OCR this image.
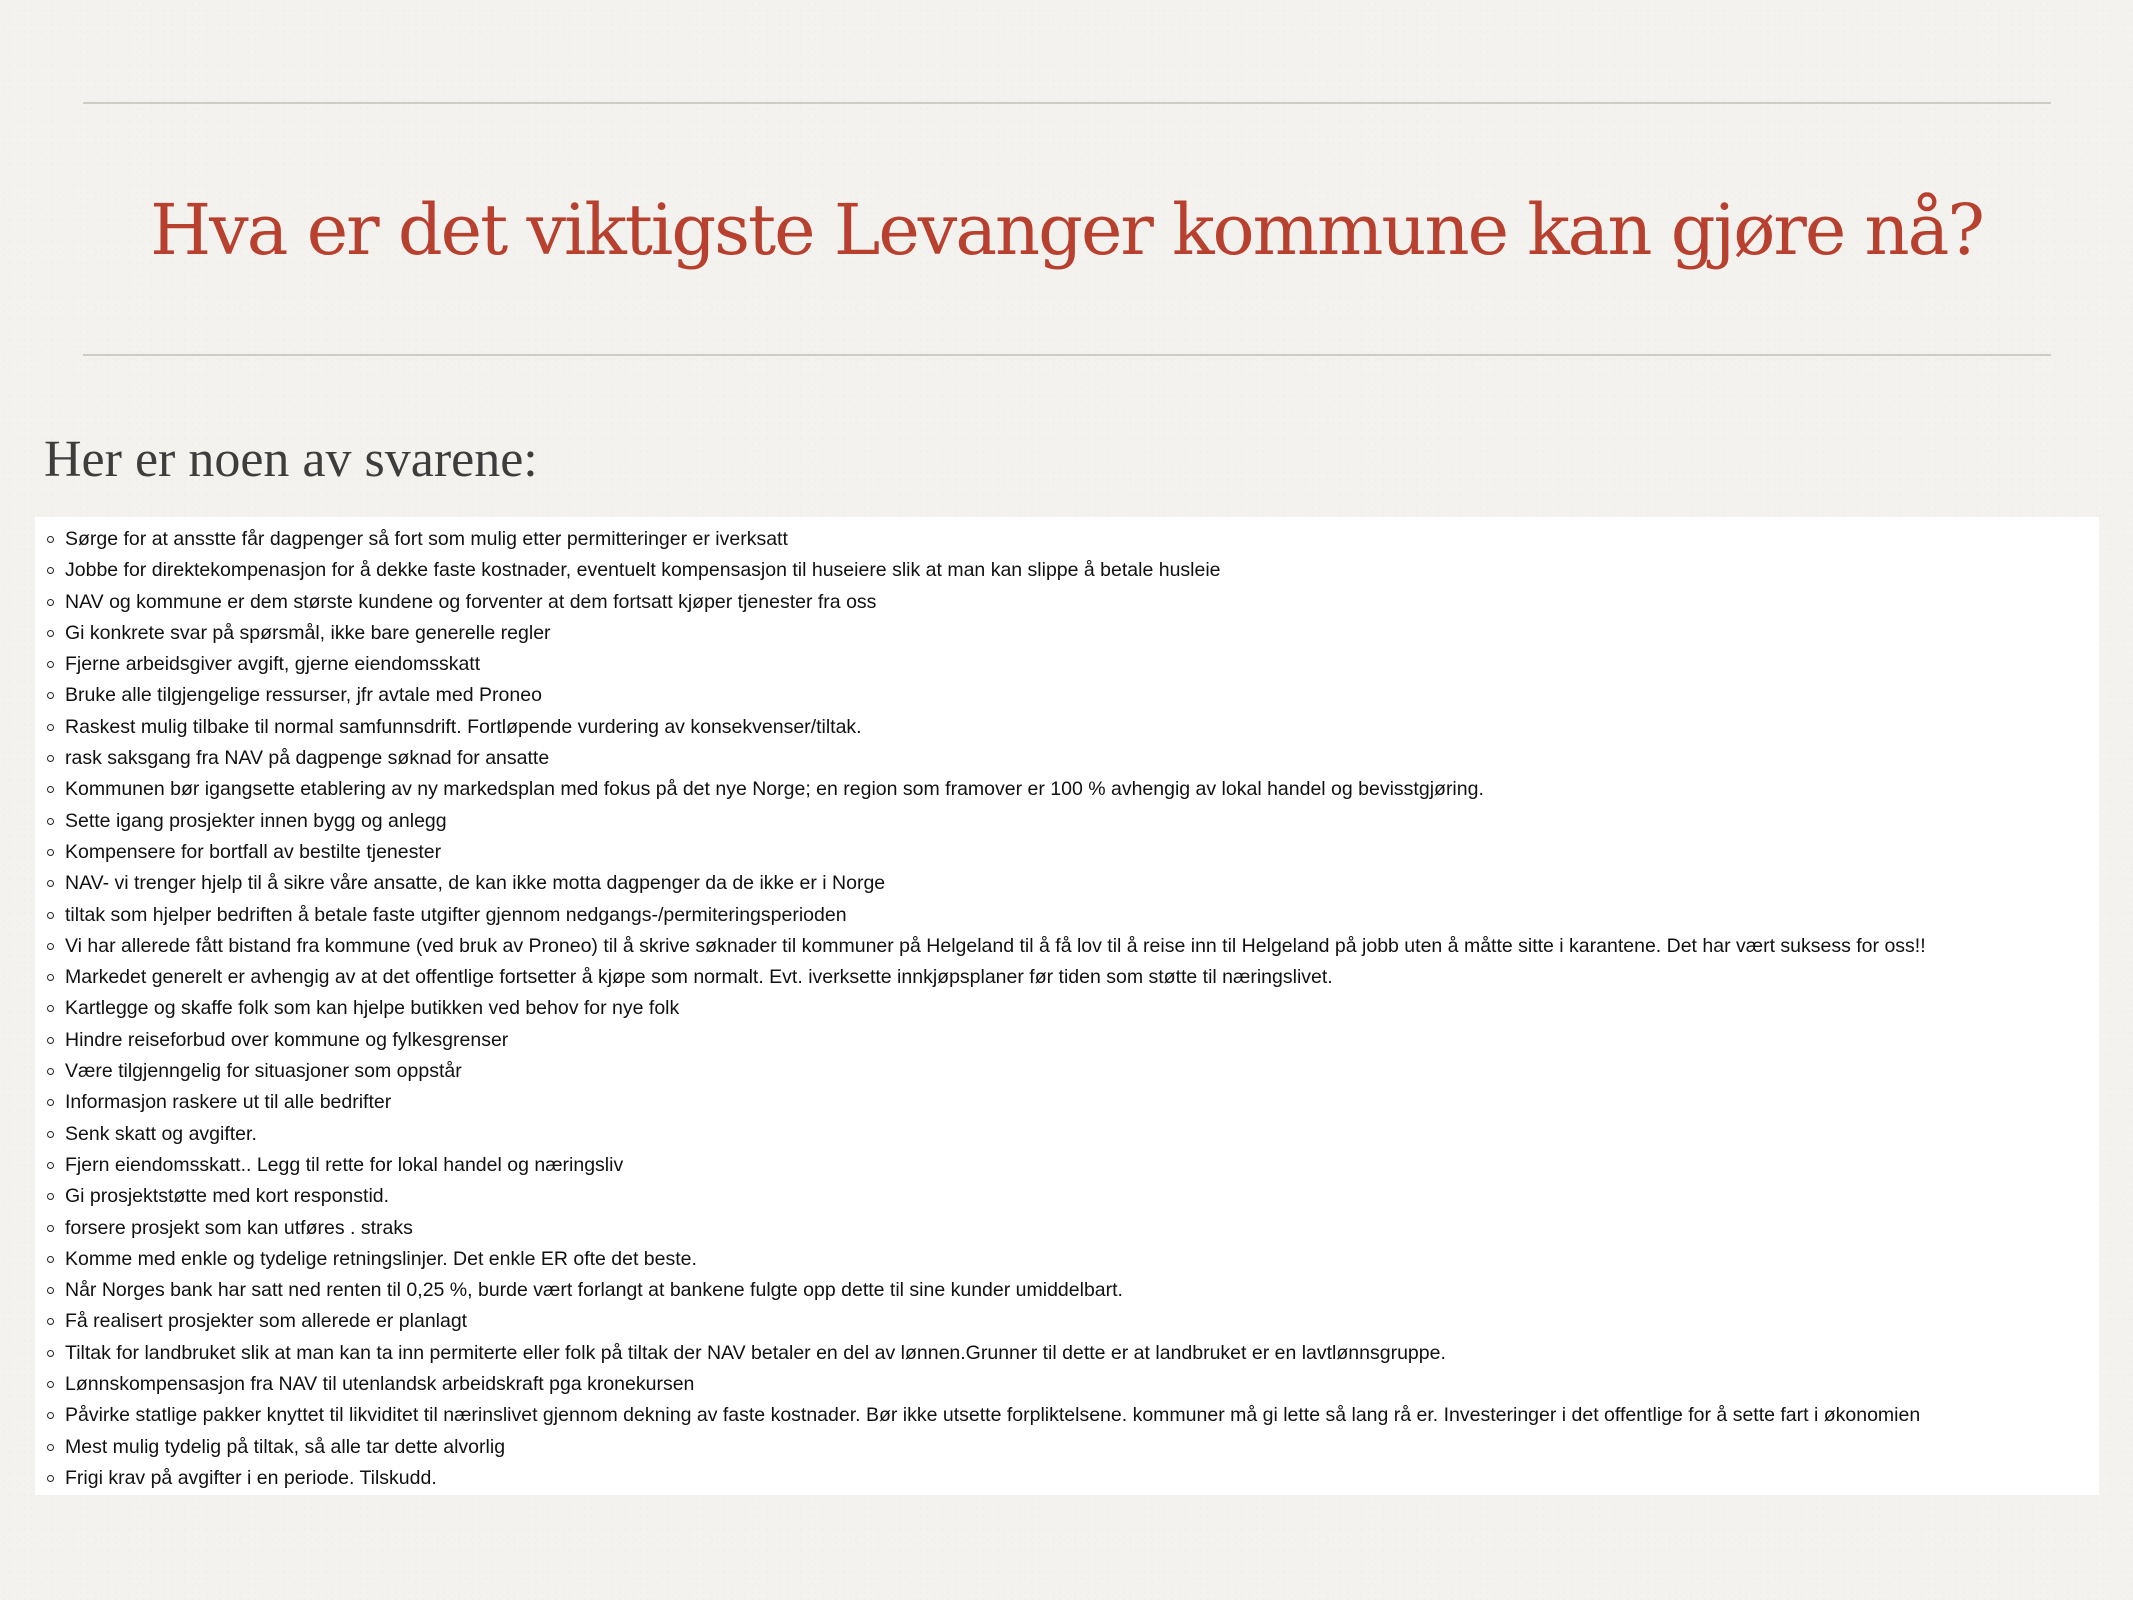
Hva er det viktigste Levanger kommune kan gjøre nå?
Her er noen av svarene:
Sørge for at ansstte får dagpenger så fort som mulig etter permitteringer er iverksatt
Jobbe for direktekompenasjon for å dekke faste kostnader, eventuelt kompensasjon til huseiere slik at man kan slippe å betale husleie
NAV og kommune er dem største kundene og forventer at dem fortsatt kjøper tjenester fra oss
Gi konkrete svar på spørsmål, ikke bare generelle regler
Fjerne arbeidsgiver avgift, gjerne eiendomsskatt
Bruke alle tilgjengelige ressurser, jfr avtale med Proneo
Raskest mulig tilbake til normal samfunnsdrift. Fortløpende vurdering av konsekvenser/tiltak.
rask saksgang fra NAV på dagpenge søknad for ansatte
Kommunen bør igangsette etablering av ny markedsplan med fokus på det nye Norge; en region som framover er 100 % avhengig av lokal handel og bevisstgjøring.
Sette igang prosjekter innen bygg og anlegg
Kompensere for bortfall av bestilte tjenester
NAV- vi trenger hjelp til å sikre våre ansatte, de kan ikke motta dagpenger da de ikke er i Norge
tiltak som hjelper bedriften å betale faste utgifter gjennom nedgangs-/permiteringsperioden
Vi har allerede fått bistand fra kommune (ved bruk av Proneo) til å skrive søknader til kommuner på Helgeland til å få lov til å reise inn til Helgeland på jobb uten å måtte sitte i karantene. Det har vært suksess for oss!!
Markedet generelt er avhengig av at det offentlige fortsetter å kjøpe som normalt. Evt. iverksette innkjøpsplaner før tiden som støtte til næringslivet.
Kartlegge og skaffe folk som kan hjelpe butikken ved behov for nye folk
Hindre reiseforbud over kommune og fylkesgrenser
Være tilgjenngelig for situasjoner som oppstår
Informasjon raskere ut til alle bedrifter
Senk skatt og avgifter.
Fjern eiendomsskatt.. Legg til rette for lokal handel og næringsliv
Gi prosjektstøtte med kort responstid.
forsere prosjekt som kan utføres . straks
Komme med enkle og tydelige retningslinjer. Det enkle ER ofte det beste.
Når Norges bank har satt ned renten til 0,25 %, burde vært forlangt at bankene fulgte opp dette til sine kunder umiddelbart.
Få realisert prosjekter som allerede er planlagt
Tiltak for landbruket slik at man kan ta inn permiterte eller folk på tiltak der NAV betaler en del av lønnen.Grunner til dette er at landbruket er en lavtlønnsgruppe.
Lønnskompensasjon fra NAV til utenlandsk arbeidskraft pga kronekursen
Påvirke statlige pakker knyttet til likviditet til nærinslivet gjennom dekning av faste kostnader. Bør ikke utsette forpliktelsene. kommuner må gi lette så lang rå er. Investeringer i det offentlige for å sette fart i økonomien
Mest mulig tydelig på tiltak, så alle tar dette alvorlig
Frigi krav på avgifter i en periode. Tilskudd.
